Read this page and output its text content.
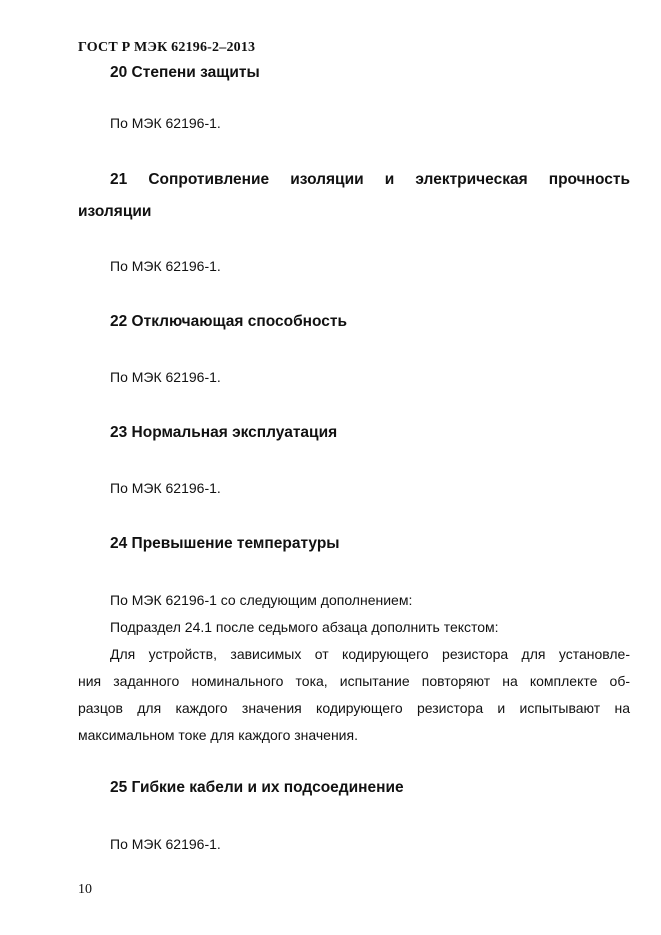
ГОСТ Р МЭК 62196-2–2013
20 Степени защиты
По МЭК 62196-1.
21 Сопротивление изоляции и электрическая прочность
изоляции
По МЭК 62196-1.
22 Отключающая способность
По МЭК 62196-1.
23 Нормальная эксплуатация
По МЭК 62196-1.
24 Превышение температуры
По МЭК 62196-1 со следующим дополнением:
Подраздел 24.1 после седьмого абзаца дополнить текстом:
Для устройств, зависимых от кодирующего резистора для установле-
ния заданного номинального тока, испытание повторяют на комплекте об-
разцов для каждого значения кодирующего резистора и испытывают на
максимальном токе для каждого значения.
25 Гибкие кабели и их подсоединение
По МЭК 62196-1.
10
